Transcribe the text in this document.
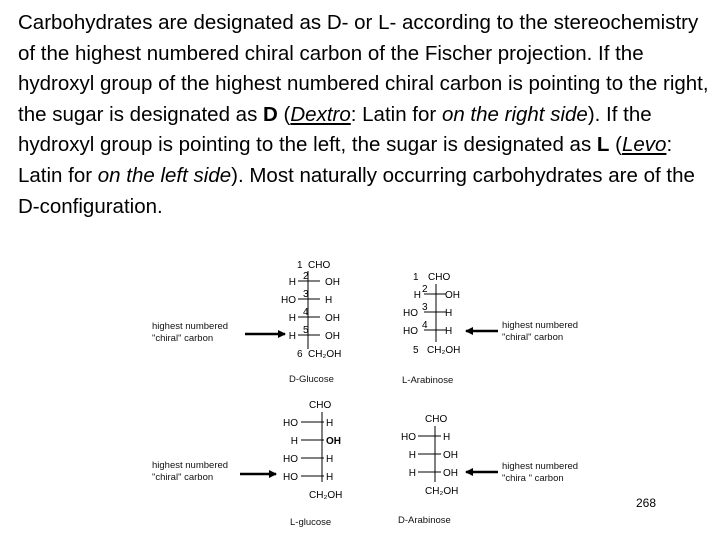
Carbohydrates are designated as D- or L- according to the stereochemistry of the highest numbered chiral carbon of the Fischer projection. If the hydroxyl group of the highest numbered chiral carbon is pointing to the right, the sugar is designated as D (Dextro: Latin for on the right side). If the hydroxyl group is pointing to the left, the sugar is designated as L (Levo: Latin for on the left side). Most naturally occurring carbohydrates are of the D-configuration.

1
2
3
4
5
6
CHO
H	OH
HO	H
H	OH
H	OH
CH₂OH
highest numbered
"chiral" carbon
D-Glucose
1
2
3
4
5
CHO
H OH
HO	H
HO	H
CH₂OH
highest numbered
"chiral" carbon
L-Arabinose
CHO
HO	H
H	OH
HO	H
HO	H
CH₂OH
highest numbered
"chiral" carbon
L-glucose
CHO
HO	H
H	OH
H	OH
CH₂OH
highest numbered
"chira " carbon
D-Arabinose
268
